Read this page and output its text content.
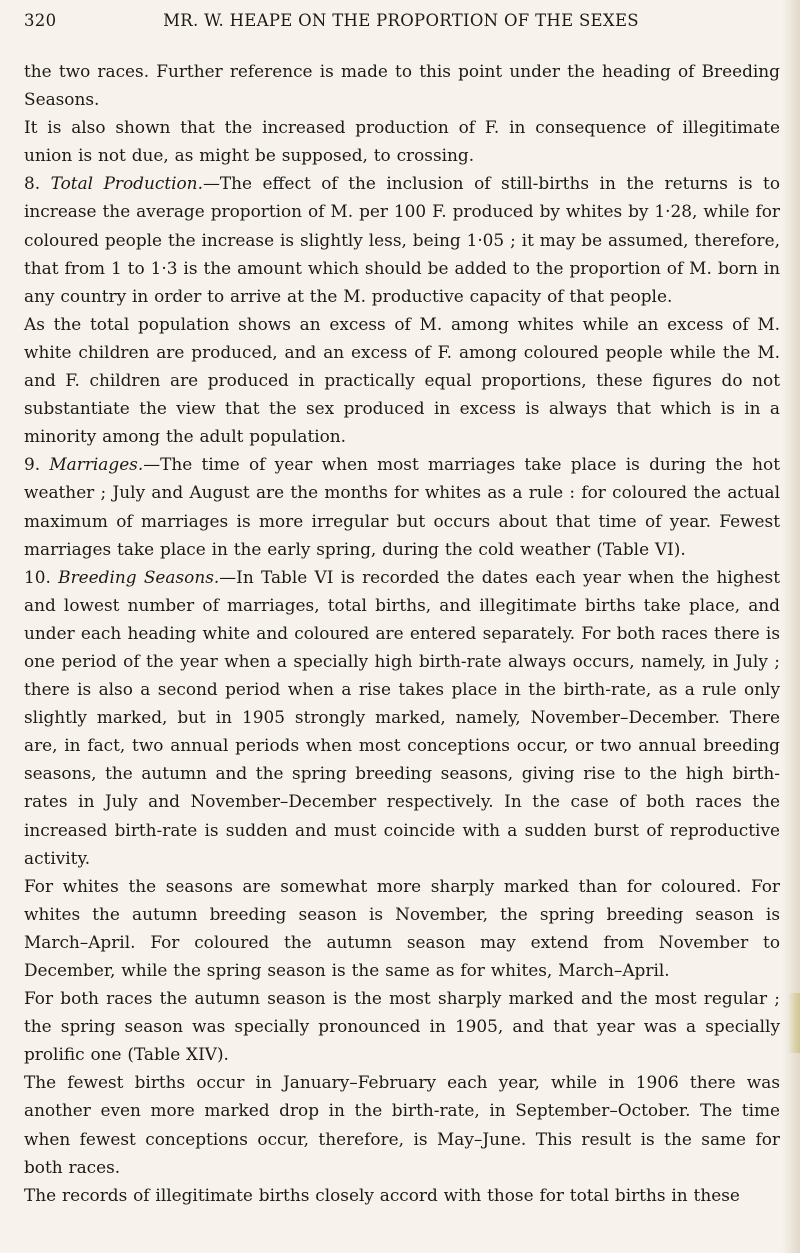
320	MR. W. HEAPE ON THE PROPORTION OF THE SEXES

the two races. Further reference is made to this point under the heading of Breeding Seasons.

It is also shown that the increased production of F. in consequence of illegitimate union is not due, as might be supposed, to crossing.

8. Total Production.—The effect of the inclusion of still-births in the returns is to increase the average proportion of M. per 100 F. produced by whites by 1·28, while for coloured people the increase is slightly less, being 1·05 ; it may be assumed, therefore, that from 1 to 1·3 is the amount which should be added to the proportion of M. born in any country in order to arrive at the M. productive capacity of that people.

As the total population shows an excess of M. among whites while an excess of M. white children are produced, and an excess of F. among coloured people while the M. and F. children are produced in practically equal proportions, these figures do not substantiate the view that the sex produced in excess is always that which is in a minority among the adult population.

9. Marriages.—The time of year when most marriages take place is during the hot weather ; July and August are the months for whites as a rule : for coloured the actual maximum of marriages is more irregular but occurs about that time of year. Fewest marriages take place in the early spring, during the cold weather (Table VI).

10. Breeding Seasons.—In Table VI is recorded the dates each year when the highest and lowest number of marriages, total births, and illegitimate births take place, and under each heading white and coloured are entered separately. For both races there is one period of the year when a specially high birth-rate always occurs, namely, in July ; there is also a second period when a rise takes place in the birth-rate, as a rule only slightly marked, but in 1905 strongly marked, namely, November–December. There are, in fact, two annual periods when most conceptions occur, or two annual breeding seasons, the autumn and the spring breeding seasons, giving rise to the high birth-rates in July and November–December respectively. In the case of both races the increased birth-rate is sudden and must coincide with a sudden burst of reproductive activity.

For whites the seasons are somewhat more sharply marked than for coloured. For whites the autumn breeding season is November, the spring breeding season is March–April. For coloured the autumn season may extend from November to December, while the spring season is the same as for whites, March–April.

For both races the autumn season is the most sharply marked and the most regular ; the spring season was specially pronounced in 1905, and that year was a specially prolific one (Table XIV).

The fewest births occur in January–February each year, while in 1906 there was another even more marked drop in the birth-rate, in September–October. The time when fewest conceptions occur, therefore, is May–June. This result is the same for both races.

The records of illegitimate births closely accord with those for total births in these
